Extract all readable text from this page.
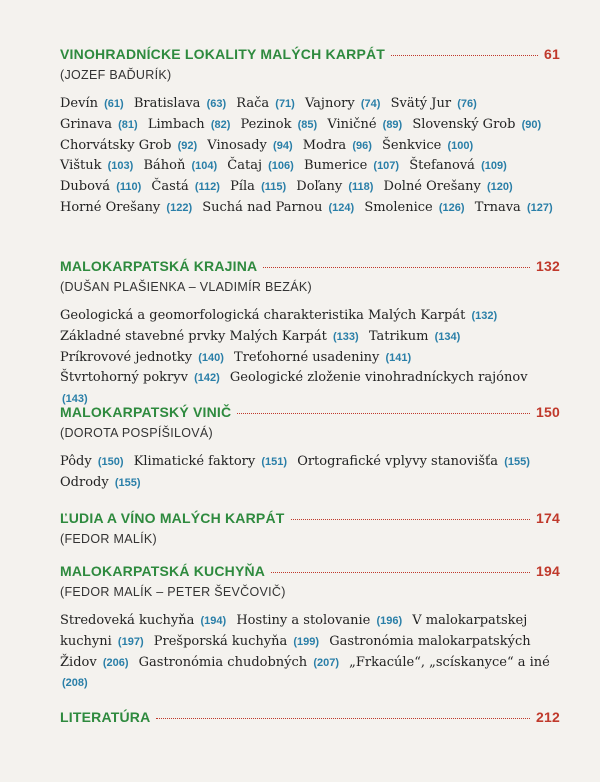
VINOHRADNÍCKE LOKALITY MALÝCH KARPÁT	61
(JOZEF BAĎURÍK)
Devín (61) Bratislava (63) Rača (71) Vajnory (74) Svätý Jur (76) Grinava (81) Limbach (82) Pezinok (85) Viničné (89) Slovenský Grob (90) Chorvátsky Grob (92) Vinosady (94) Modra (96) Šenkvice (100) Vištuk (103) Báhoň (104) Čataj (106) Bumerice (107) Štefanová (109) Dubová (110) Častá (112) Píla (115) Doľany (118) Dolné Orešany (120) Horné Orešany (122) Suchá nad Parnou (124) Smolenice (126) Trnava (127)
MALOKARPATSKÁ KRAJINA	132
(DUŠAN PLAŠIENKA – VLADIMÍR BEZÁK)
Geologická a geomorfologická charakteristika Malých Karpát (132) Základné stavebné prvky Malých Karpát (133) Tatrikum (134) Príkrovové jednotky (140) Treťohorné usadeniny (141) Štvrtohorný pokryv (142) Geologické zloženie vinohradníckych rajónov (143)
MALOKARPATSKÝ VINIČ	150
(DOROTA POSPÍŠILOVÁ)
Pôdy (150) Klimatické faktory (151) Ortografické vplyvy stanovišťa (155) Odrody (155)
ĽUDIA A VÍNO MALÝCH KARPÁT	174
(FEDOR MALÍK)
MALOKARPATSKÁ KUCHYŇA	194
(FEDOR MALÍK – PETER ŠEVČOVIČ)
Stredoveká kuchyňa (194) Hostiny a stolovanie (196) V malokarpatskej kuchyni (197) Prešporská kuchyňa (199) Gastronómia malokarpatských Židov (206) Gastronómia chudobných (207) „Frkacúle“, „scískanyce“ a iné (208)
LITERATÚRA	212
